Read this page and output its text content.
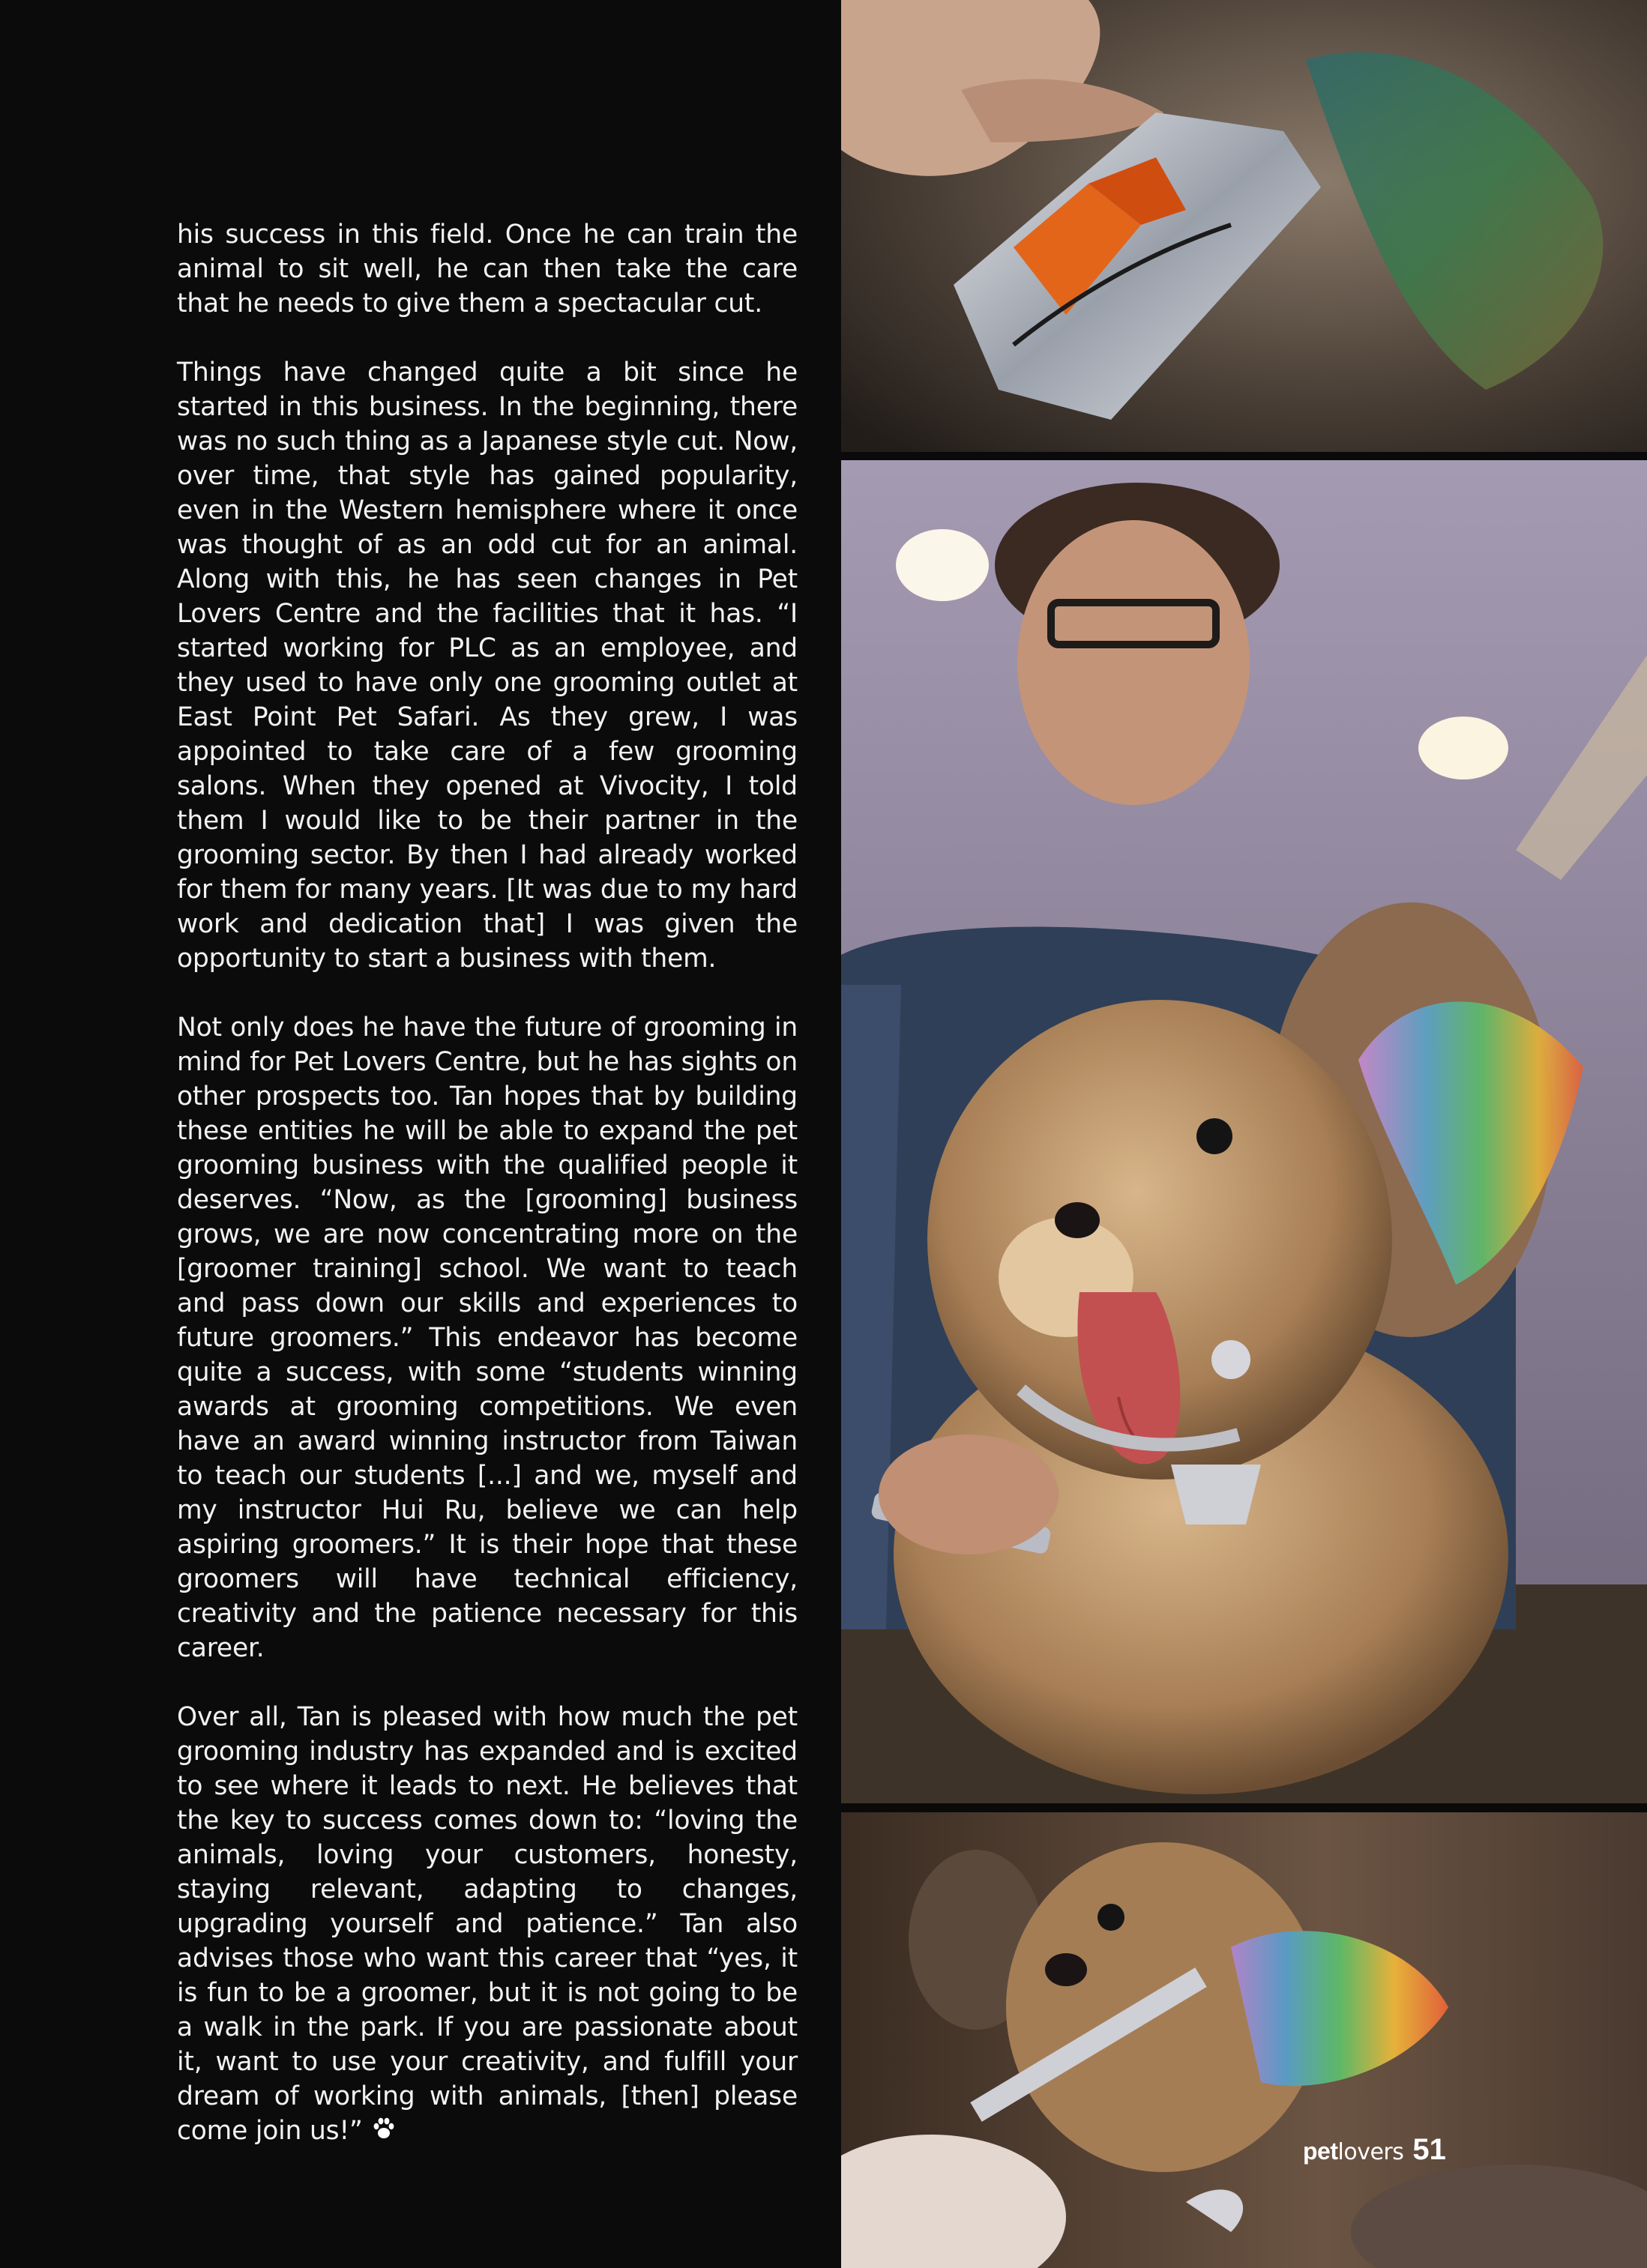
his success in this field. Once he can train the animal to sit well, he can then take the care that he needs to give them a spectacular cut.

Things have changed quite a bit since he started in this business. In the beginning, there was no such thing as a Japanese style cut. Now, over time, that style has gained popularity, even in the Western hemisphere where it once was thought of as an odd cut for an animal. Along with this, he has seen changes in Pet Lovers Centre and the facilities that it has. “I started working for PLC as an employee, and they used to have only one grooming outlet at East Point Pet Safari. As they grew, I was appointed to take care of a few grooming salons. When they opened at Vivocity, I told them I would like to be their partner in the grooming sector. By then I had already worked for them for many years. [It was due to my hard work and dedication that] I was given the opportunity to start a business with them.

Not only does he have the future of grooming in mind for Pet Lovers Centre, but he has sights on other prospects too. Tan hopes that by building these entities he will be able to expand the pet grooming business with the qualified people it deserves. “Now, as the [grooming] business grows, we are now concentrating more on the [groomer training] school. We want to teach and pass down our skills and experiences to future groomers.” This endeavor has become quite a success, with some “students winning awards at grooming competitions. We even have an award winning instructor from Taiwan to teach our students [...] and we, myself and my instructor Hui Ru, believe we can help aspiring groomers.” It is their hope that these groomers will have technical efficiency, creativity and the patience necessary for this career.

Over all, Tan is pleased with how much the pet grooming industry has expanded and is excited to see where it leads to next. He believes that the key to success comes down to: “loving the animals, loving your customers, honesty, staying relevant, adapting to changes, upgrading yourself and patience.” Tan also advises those who want this career that “yes, it is fun to be a groomer, but it is not going to be a walk in the park. If you are passionate about it, want to use your creativity, and fulfill your dream of working with animals, [then] please come join us!”

petlovers 51
